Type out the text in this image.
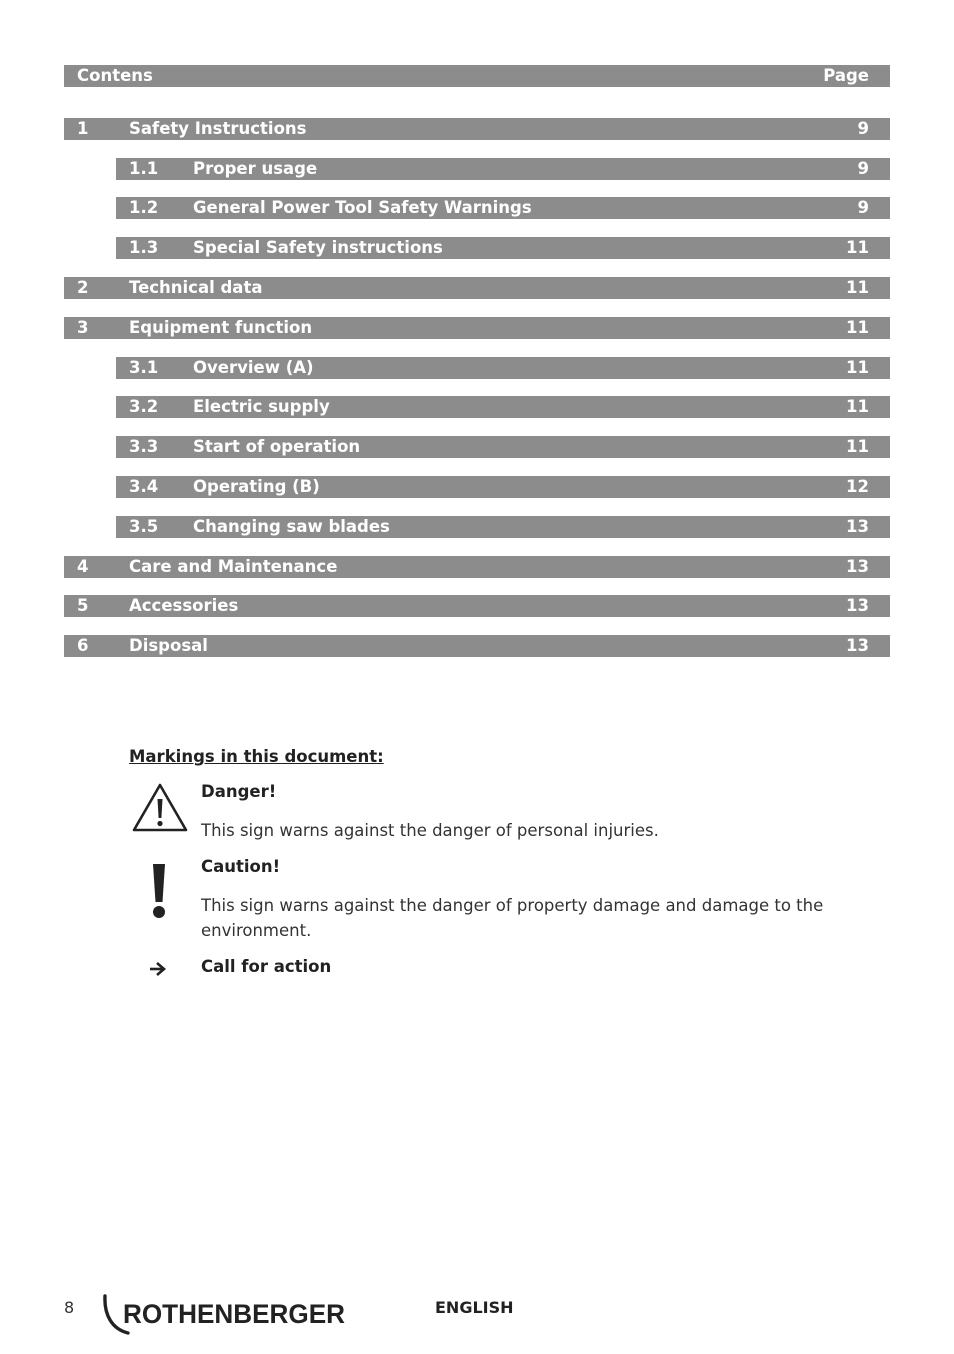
Contens	Page
1 Safety Instructions	9
1.1 Proper usage	9
1.2 General Power Tool Safety Warnings	9
1.3 Special Safety instructions	11
2 Technical data	11
3 Equipment function	11
3.1 Overview (A)	11
3.2 Electric supply	11
3.3 Start of operation	11
3.4 Operating (B)	12
3.5 Changing saw blades	13
4 Care and Maintenance	13
5 Accessories	13
6 Disposal	13
Markings in this document:
Danger!
This sign warns against the danger of personal injuries.
Caution!
This sign warns against the danger of property damage and damage to the environment.
Call for action
8 ROTHENBERGER	ENGLISH
